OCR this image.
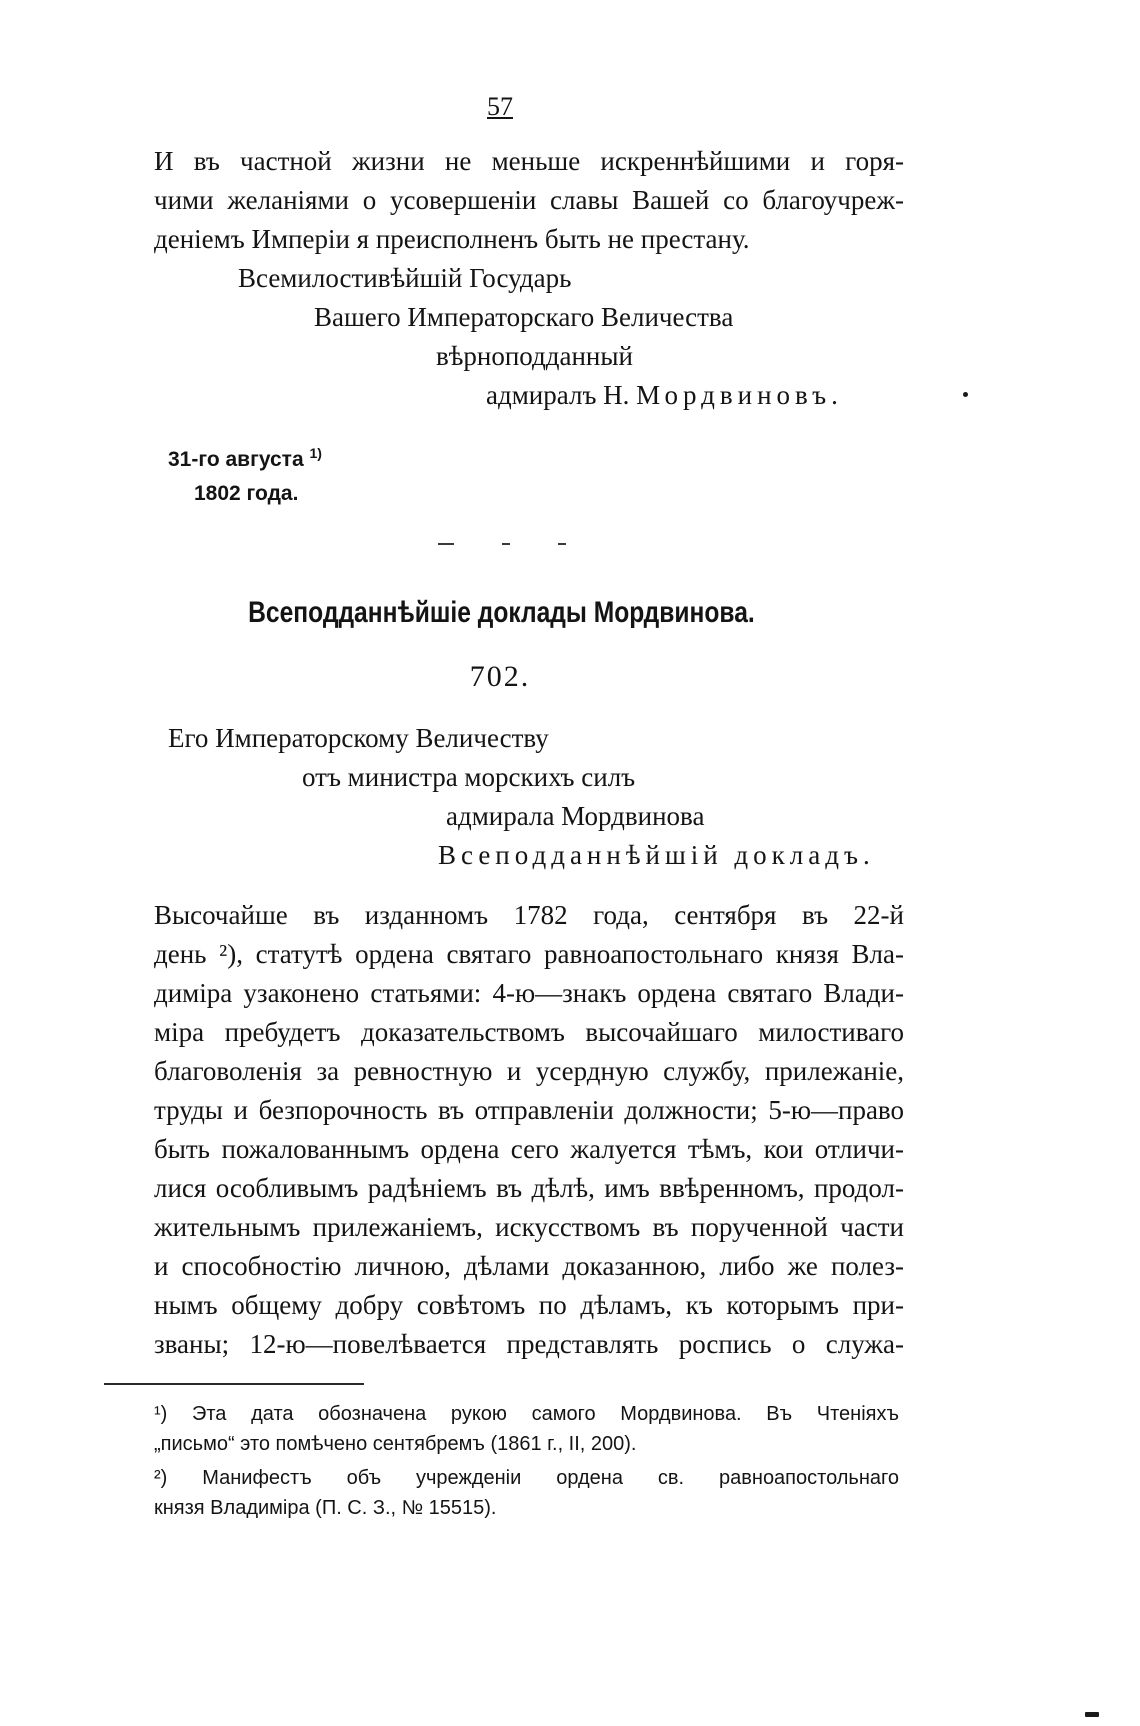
57
И въ частной жизни не меньше искреннѣйшими и горя-
чими желаніями о усовершеніи славы Вашей со благоучреж-
деніемъ Имперіи я преисполненъ быть не престану.
Всемилостивѣйшій Государь
Вашего Императорскаго Величества
вѣрноподданный
адмиралъ Н. Мордвиновъ.
31-го августа $^{1)}$
1802 года.
Всеподданнѣйшіе доклады Мордвинова.
702.
Его Императорскому Величеству
отъ министра морскихъ силъ
адмирала Мордвинова
Всеподданнѣйшій докладъ.
Высочайше въ изданномъ 1782 года, сентября въ 22-й
день ²), статутѣ ордена святаго равноапостольнаго князя Вла-
диміра узаконено статьями: 4-ю—знакъ ордена святаго Влади-
міра пребудетъ доказательствомъ высочайшаго милостиваго
благоволенія за ревностную и усердную службу, прилежаніе,
труды и безпорочность въ отправленіи должности; 5-ю—право
быть пожалованнымъ ордена сего жалуется тѣмъ, кои отличи-
лися особливымъ радѣніемъ въ дѣлѣ, имъ ввѣренномъ, продол-
жительнымъ прилежаніемъ, искусствомъ въ порученной части
и способностію личною, дѣлами доказанною, либо же полез-
нымъ общему добру совѣтомъ по дѣламъ, къ которымъ при-
званы; 12-ю—повелѣвается представлять роспись о служа-
¹) Эта дата обозначена рукою самого Мордвинова. Въ Чтеніяхъ
„письмо“ это помѣчено сентябремъ (1861 г., II, 200).
²) Манифестъ объ учрежденіи ордена св. равноапостольнаго
князя Владиміра (П. С. З., № 15515).
